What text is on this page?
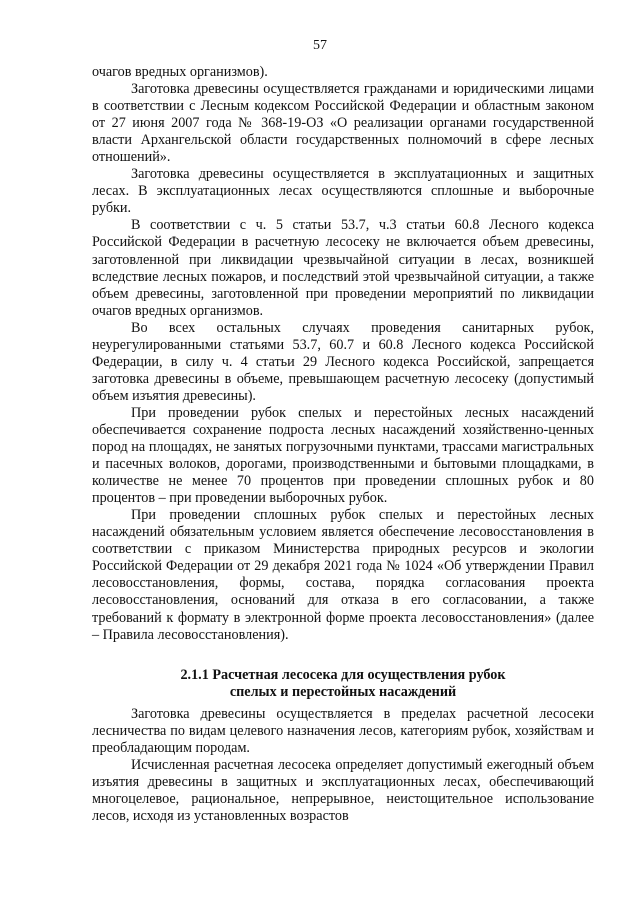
57

очагов вредных организмов).

Заготовка древесины осуществляется гражданами и юридическими лицами в соответствии с Лесным кодексом Российской Федерации и областным законом от 27 июня 2007 года № 368-19-ОЗ «О реализации органами государственной власти Архангельской области государственных полномочий в сфере лесных отношений».

Заготовка древесины осуществляется в эксплуатационных и защитных лесах. В эксплуатационных лесах осуществляются сплошные и выборочные рубки.

В соответствии с ч. 5 статьи 53.7, ч.3 статьи 60.8 Лесного кодекса Российской Федерации в расчетную лесосеку не включается объем древесины, заготовленной при ликвидации чрезвычайной ситуации в лесах, возникшей вследствие лесных пожаров, и последствий этой чрезвычайной ситуации, а также объем древесины, заготовленной при проведении мероприятий по ликвидации очагов вредных организмов.

Во всех остальных случаях проведения санитарных рубок, неурегулированными статьями 53.7, 60.7 и 60.8 Лесного кодекса Российской Федерации, в силу ч. 4 статьи 29 Лесного кодекса Российской, запрещается заготовка древесины в объеме, превышающем расчетную лесосеку (допустимый объем изъятия древесины).

При проведении рубок спелых и перестойных лесных насаждений обеспечивается сохранение подроста лесных насаждений хозяйственно-ценных пород на площадях, не занятых погрузочными пунктами, трассами магистральных и пасечных волоков, дорогами, производственными и бытовыми площадками, в количестве не менее 70 процентов при проведении сплошных рубок и 80 процентов – при проведении выборочных рубок.

При проведении сплошных рубок спелых и перестойных лесных насаждений обязательным условием является обеспечение лесовосстановления в соответствии с приказом Министерства природных ресурсов и экологии Российской Федерации от 29 декабря 2021 года № 1024 «Об утверждении Правил лесовосстановления, формы, состава, порядка согласования проекта лесовосстановления, оснований для отказа в его согласовании, а также требований к формату в электронной форме проекта лесовосстановления» (далее – Правила лесовосстановления).

2.1.1 Расчетная лесосека для осуществления рубок
спелых и перестойных насаждений

Заготовка древесины осуществляется в пределах расчетной лесосеки лесничества по видам целевого назначения лесов, категориям рубок, хозяйствам и преобладающим породам.

Исчисленная расчетная лесосека определяет допустимый ежегодный объем изъятия древесины в защитных и эксплуатационных лесах, обеспечивающий многоцелевое, рациональное, непрерывное, неистощительное использование лесов, исходя из установленных возрастов
